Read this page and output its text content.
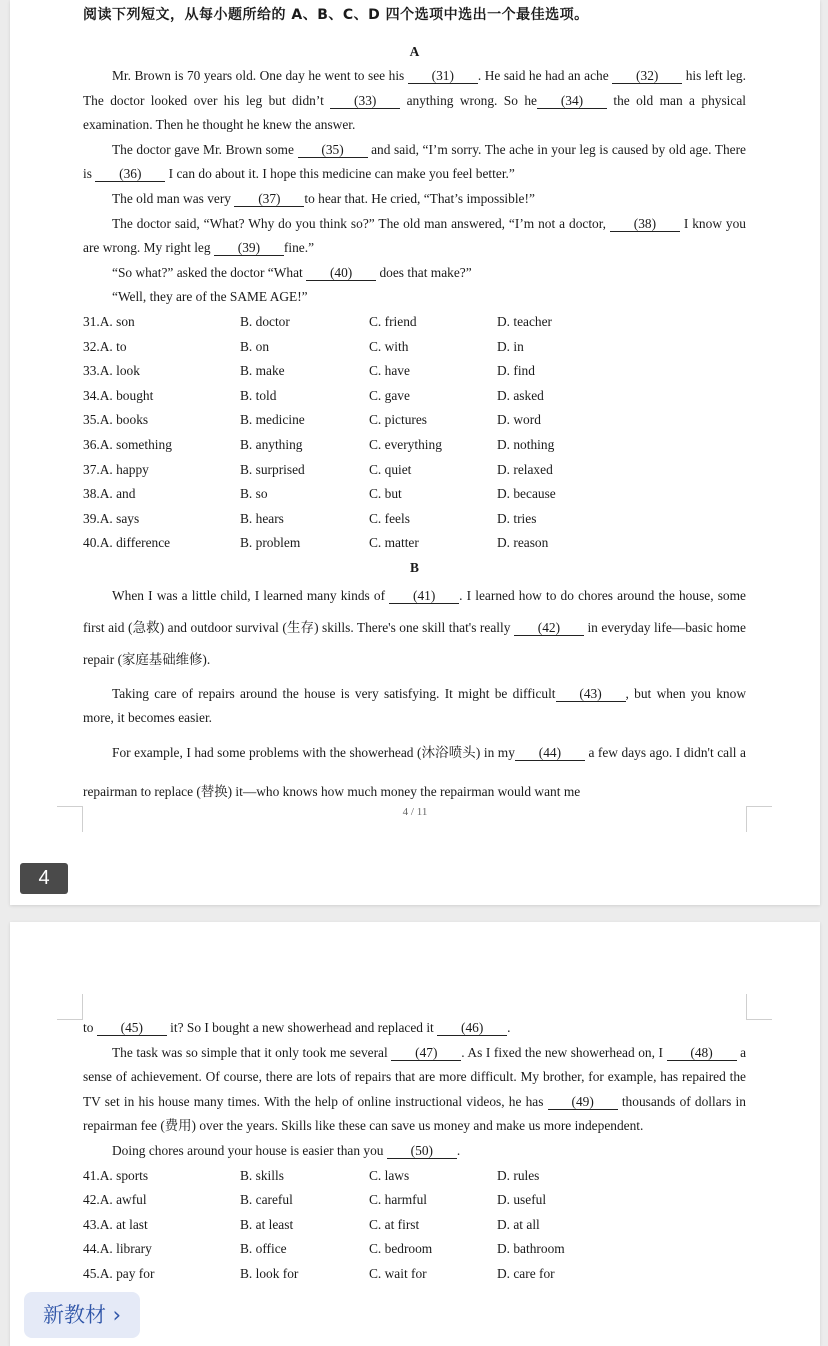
阅读下列短文，从每小题所给的 A、B、C、D 四个选项中选出一个最佳选项。
A

Mr. Brown is 70 years old. One day he went to see his (31) . He said he had an ache (32) his left leg. The doctor looked over his leg but didn’t (33) anything wrong. So he (34) the old man a physical examination. Then he thought he knew the answer.

The doctor gave Mr. Brown some (35) and said, “I’m sorry. The ache in your leg is caused by old age. There is (36) I can do about it. I hope this medicine can make you feel better.”

The old man was very (37) to hear that. He cried, “That’s impossible!”

The doctor said, “What? Why do you think so?” The old man answered, “I’m not a doctor, (38) I know you are wrong. My right leg (39) fine.”

“So what?” asked the doctor “What (40) does that make?”

“Well, they are of the SAME AGE!”

31.A. son	B. doctor	C. friend	D. teacher
32.A. to	B. on	C. with	D. in
33.A. look	B. make	C. have	D. find
34.A. bought	B. told	C. gave	D. asked
35.A. books	B. medicine	C. pictures	D. word
36.A. something	B. anything	C. everything	D. nothing
37.A. happy	B. surprised	C. quiet	D. relaxed
38.A. and	B. so	C. but	D. because
39.A. says	B. hears	C. feels	D. tries
40.A. difference	B. problem	C. matter	D. reason
B

When I was a little child, I learned many kinds of (41) . I learned how to do chores around the house, some first aid (急救) and outdoor survival (生存) skills. There's one skill that's really (42) in everyday life—basic home repair (家庭基础维修).

Taking care of repairs around the house is very satisfying. It might be difficult (43) , but when you know more, it becomes easier.

For example, I had some problems with the showerhead (沐浴喷头) in my (44) a few days ago. I didn't call a repairman to replace (替换) it—who knows how much money the repairman would want me

4 / 11
4

to (45) it? So I bought a new showerhead and replaced it (46) .

The task was so simple that it only took me several (47) . As I fixed the new showerhead on, I (48) a sense of achievement. Of course, there are lots of repairs that are more difficult. My brother, for example, has repaired the TV set in his house many times. With the help of online instructional videos, he has (49) thousands of dollars in repairman fee (费用) over the years. Skills like these can save us money and make us more independent.

Doing chores around your house is easier than you (50) .

41.A. sports	B. skills	C. laws	D. rules
42.A. awful	B. careful	C. harmful	D. useful
43.A. at last	B. at least	C. at first	D. at all
44.A. library	B. office	C. bedroom	D. bathroom
45.A. pay for	B. look for	C. wait for	D. care for
新教材 ›
